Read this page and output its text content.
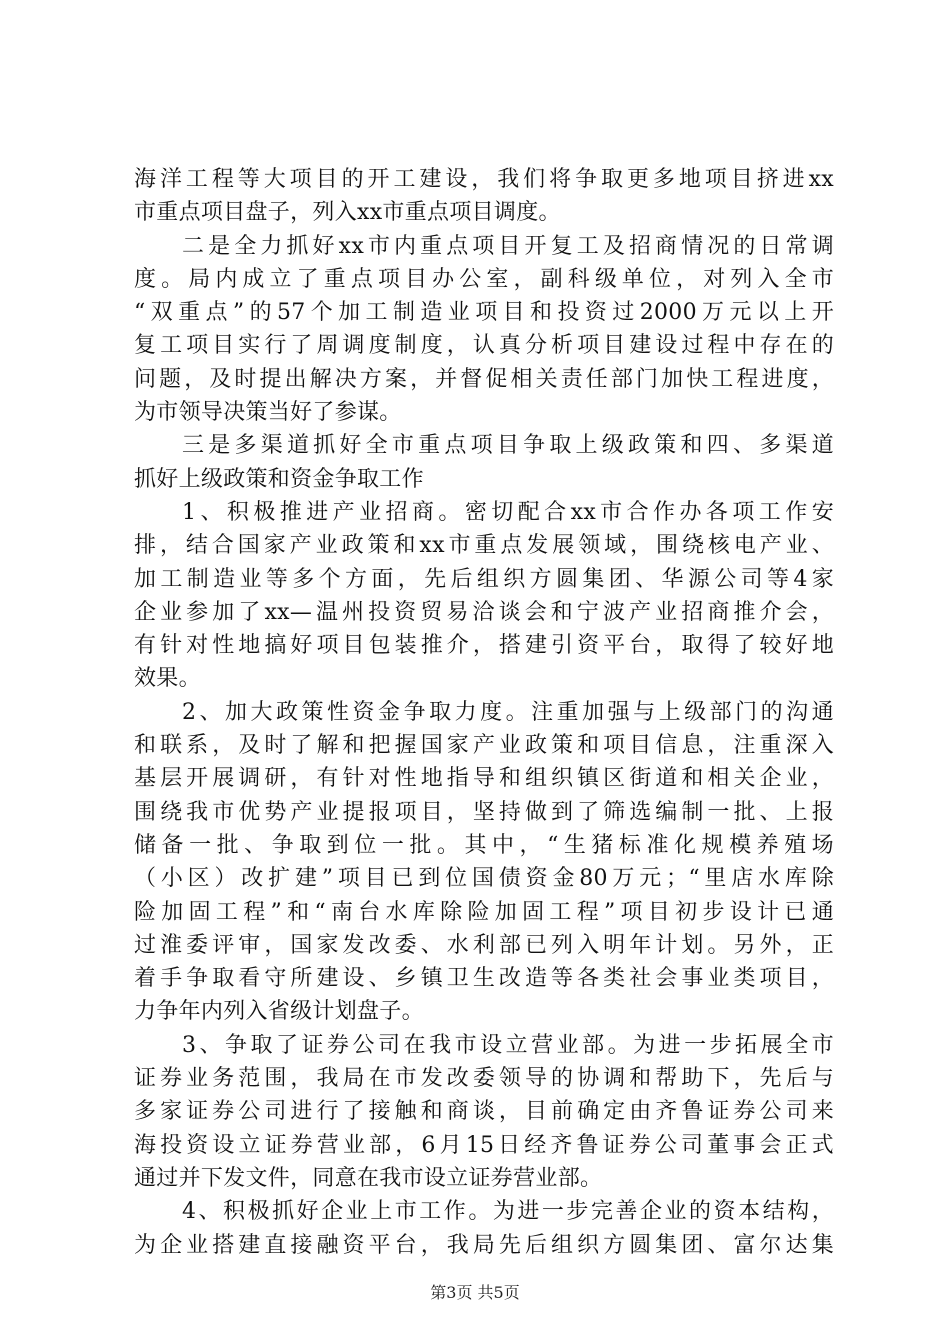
海洋工程等大项目的开工建设，我们将争取更多地项目挤进xx
市重点项目盘子，列入xx市重点项目调度。
二是全力抓好xx市内重点项目开复工及招商情况的日常调
度。局内成立了重点项目办公室，副科级单位，对列入全市
“双重点”的57个加工制造业项目和投资过2000万元以上开
复工项目实行了周调度制度，认真分析项目建设过程中存在的
问题，及时提出解决方案，并督促相关责任部门加快工程进度，
为市领导决策当好了参谋。
三是多渠道抓好全市重点项目争取上级政策和四、多渠道
抓好上级政策和资金争取工作
1、积极推进产业招商。密切配合xx市合作办各项工作安
排，结合国家产业政策和xx市重点发展领域，围绕核电产业、
加工制造业等多个方面，先后组织方圆集团、华源公司等4家
企业参加了xx—温州投资贸易洽谈会和宁波产业招商推介会，
有针对性地搞好项目包装推介，搭建引资平台，取得了较好地
效果。
2、加大政策性资金争取力度。注重加强与上级部门的沟通
和联系，及时了解和把握国家产业政策和项目信息，注重深入
基层开展调研，有针对性地指导和组织镇区街道和相关企业，
围绕我市优势产业提报项目，坚持做到了筛选编制一批、上报
储备一批、争取到位一批。其中，“生猪标准化规模养殖场
（小区）改扩建”项目已到位国债资金80万元；“里店水库除
险加固工程”和“南台水库除险加固工程”项目初步设计已通
过淮委评审，国家发改委、水利部已列入明年计划。另外，正
着手争取看守所建设、乡镇卫生改造等各类社会事业类项目，
力争年内列入省级计划盘子。
3、争取了证券公司在我市设立营业部。为进一步拓展全市
证券业务范围，我局在市发改委领导的协调和帮助下，先后与
多家证券公司进行了接触和商谈，目前确定由齐鲁证券公司来
海投资设立证券营业部，6月15日经齐鲁证券公司董事会正式
通过并下发文件，同意在我市设立证券营业部。
4、积极抓好企业上市工作。为进一步完善企业的资本结构，
为企业搭建直接融资平台，我局先后组织方圆集团、富尔达集
第3页 共5页
